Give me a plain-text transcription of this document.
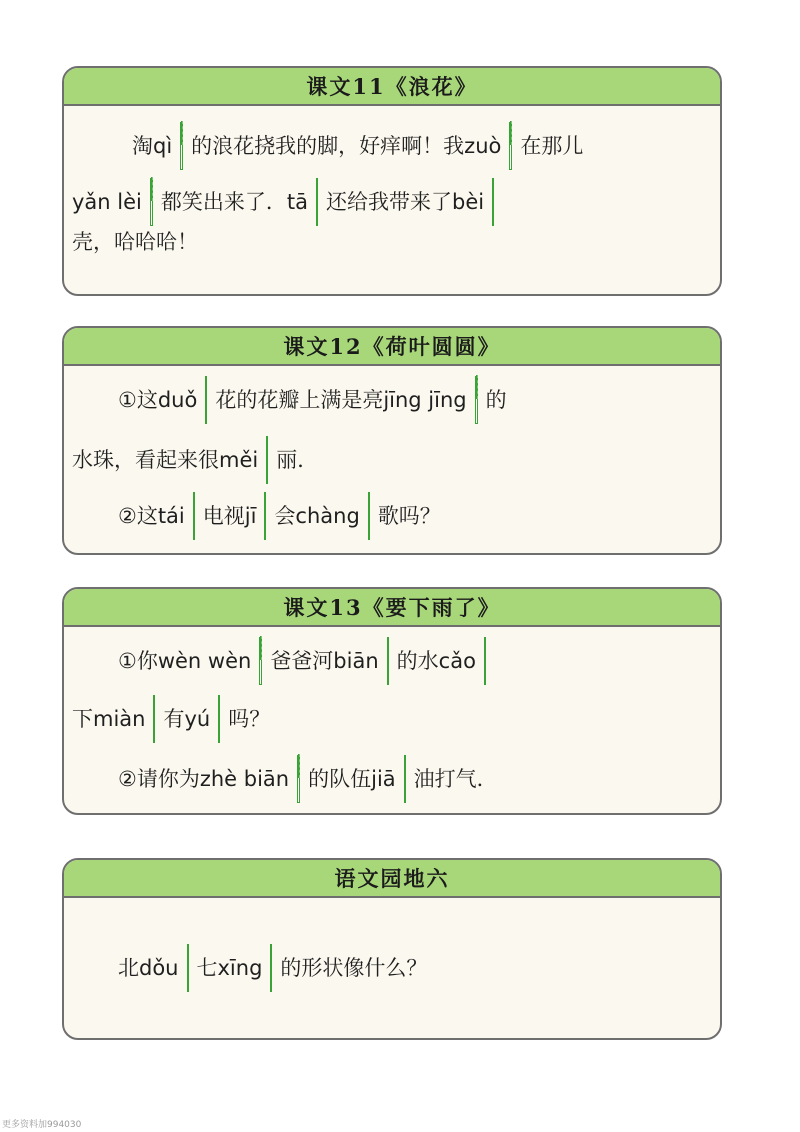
课文11《浪花》
淘qì 的浪花挠我的脚，好痒啊！我zuò 在那儿
yǎn lèi 都笑出来了．tā 还给我带来了bèi
壳，哈哈哈！
课文12《荷叶圆圆》
①这duǒ 花的花瓣上满是亮jīng jīng 的
水珠，看起来很měi 丽．
②这tái 电视jī 会chàng 歌吗？
课文13《要下雨了》
①你wèn wèn 爸爸河biān 的水cǎo
下miàn 有yú 吗？
②请你为zhè biān 的队伍jiā 油打气．
语文园地六
北dǒu 七xīng 的形状像什么？
更多资料加994030
